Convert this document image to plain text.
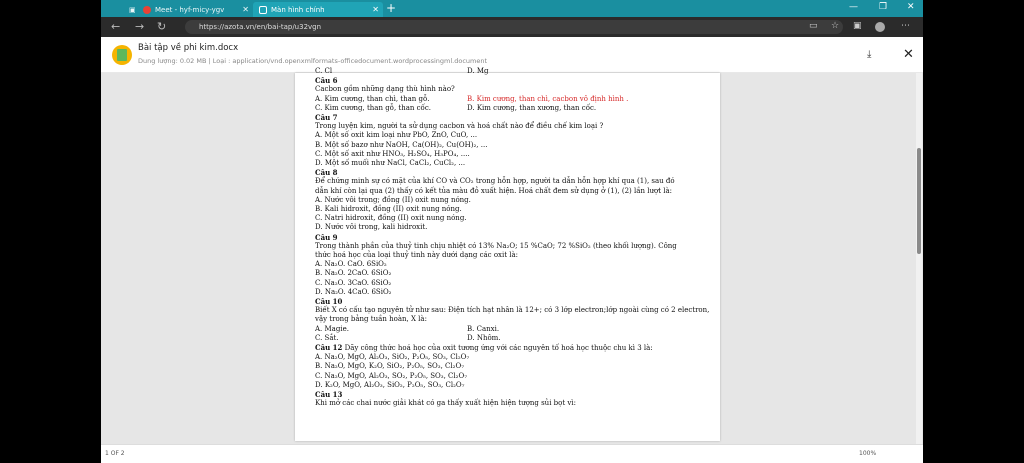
▣	Meet - hyf-micy-ygv ✕	Màn hình chính	✕ +	— ❐ ✕
← → ↻	https://azota.vn/en/bai-tap/u32vgn	▭ ☆ ▣	⋯
Bài tập về phi kim.docx
Dung lượng: 0.02 MB | Loại : application/vnd.openxmlformats-officedocument.wordprocessingml.document
⤓ ✕
C. Cl	D. Mg
Câu 6
Cacbon gồm những dạng thù hình nào?
A. Kim cương, than chì, than gỗ.	B. Kim cương, than chì, cacbon vô định hình .
C. Kim cương, than gỗ, than cốc.	D. Kim cương, than xương, than cốc.
Câu 7
Trong luyện kim, người ta sử dụng cacbon và hoá chất nào để điều chế kim loại ?
A. Một số oxit kim loại như PbO, ZnO, CuO, ...
B. Một số bazơ như NaOH, Ca(OH)₂, Cu(OH)₂, ...
C. Một số axit như HNO₃, H₂SO₄, H₃PO₄, ....
D. Một số muối như NaCl, CaCl₂, CuCl₂, ...
Câu 8
Để chứng minh sự có mặt của khí CO và CO₂ trong hỗn hợp, người ta dẫn hỗn hợp khí qua (1), sau đó
dẫn khí còn lại qua (2) thấy có kết tủa màu đỏ xuất hiện. Hoá chất đem sử dụng ở (1), (2) lần lượt là:
A. Nước vôi trong; đồng (II) oxit nung nóng.
B. Kali hidroxit, đồng (II) oxit nung nóng.
C. Natri hidroxit, đồng (II) oxit nung nóng.
D. Nước vôi trong, kali hidroxit.
Câu 9
Trong thành phần của thuỷ tinh chịu nhiệt có 13% Na₂O; 15 %CaO; 72 %SiO₂ (theo khối lượng). Công
thức hoá học của loại thuỷ tinh này dưới dạng các oxit là:
A. Na₂O. CaO. 6SiO₂
B. Na₂O. 2CaO. 6SiO₂
C. Na₂O. 3CaO. 6SiO₂
D. Na₂O. 4CaO. 6SiO₂
Câu 10
Biết X có cấu tạo nguyên tử như sau: Điện tích hạt nhân là 12+; có 3 lớp electron;lớp ngoài cùng có 2 electron,
vậy trong bảng tuần hoàn, X là:
A. Magie.	B. Canxi.
C. Sắt.	D. Nhôm.
Câu 12 Dãy công thức hoá học của oxit tương ứng với các nguyên tố hoá học thuộc chu kì 3 là:
A. Na₂O, MgO, Al₂O₃, SiO₂, P₂O₅, SO₃, Cl₂O₇
B. Na₂O, MgO, K₂O, SiO₂, P₂O₅, SO₃, Cl₂O₇
C. Na₂O, MgO, Al₂O₃, SO₂, P₂O₅, SO₃, Cl₂O₇
D. K₂O, MgO, Al₂O₃, SiO₂, P₂O₅, SO₃, Cl₂O₇
Câu 13
Khi mở các chai nước giải khát có ga thấy xuất hiện hiện tượng sủi bọt vì:
1 OF 2	100%
